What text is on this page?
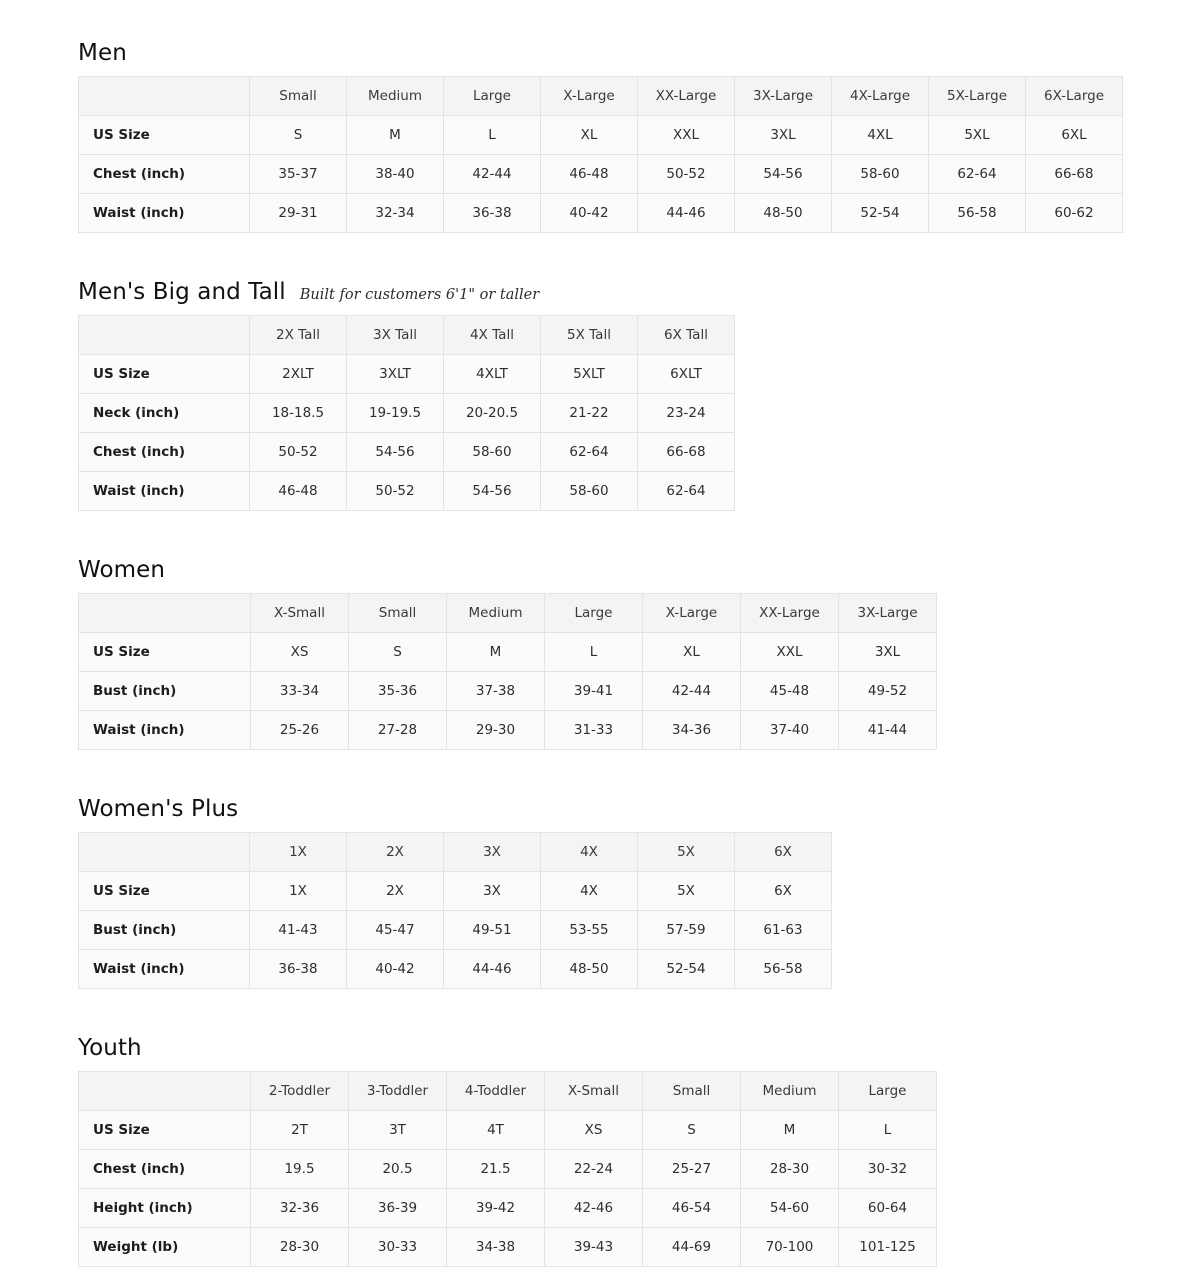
Men
	Small	Medium	Large	X-Large	XX-Large	3X-Large	4X-Large	5X-Large	6X-Large
US Size	S	M	L	XL	XXL	3XL	4XL	5XL	6XL
Chest (inch)	35-37	38-40	42-44	46-48	50-52	54-56	58-60	62-64	66-68
Waist (inch)	29-31	32-34	36-38	40-42	44-46	48-50	52-54	56-58	60-62
Men's Big and Tall Built for customers 6'1" or taller
	2X Tall	3X Tall	4X Tall	5X Tall	6X Tall
US Size	2XLT	3XLT	4XLT	5XLT	6XLT
Neck (inch)	18-18.5	19-19.5	20-20.5	21-22	23-24
Chest (inch)	50-52	54-56	58-60	62-64	66-68
Waist (inch)	46-48	50-52	54-56	58-60	62-64
Women
	X-Small	Small	Medium	Large	X-Large	XX-Large	3X-Large
US Size	XS	S	M	L	XL	XXL	3XL
Bust (inch)	33-34	35-36	37-38	39-41	42-44	45-48	49-52
Waist (inch)	25-26	27-28	29-30	31-33	34-36	37-40	41-44
Women's Plus
	1X	2X	3X	4X	5X	6X
US Size	1X	2X	3X	4X	5X	6X
Bust (inch)	41-43	45-47	49-51	53-55	57-59	61-63
Waist (inch)	36-38	40-42	44-46	48-50	52-54	56-58
Youth
	2-Toddler	3-Toddler	4-Toddler	X-Small	Small	Medium	Large
US Size	2T	3T	4T	XS	S	M	L
Chest (inch)	19.5	20.5	21.5	22-24	25-27	28-30	30-32
Height (inch)	32-36	36-39	39-42	42-46	46-54	54-60	60-64
Weight (lb)	28-30	30-33	34-38	39-43	44-69	70-100	101-125
